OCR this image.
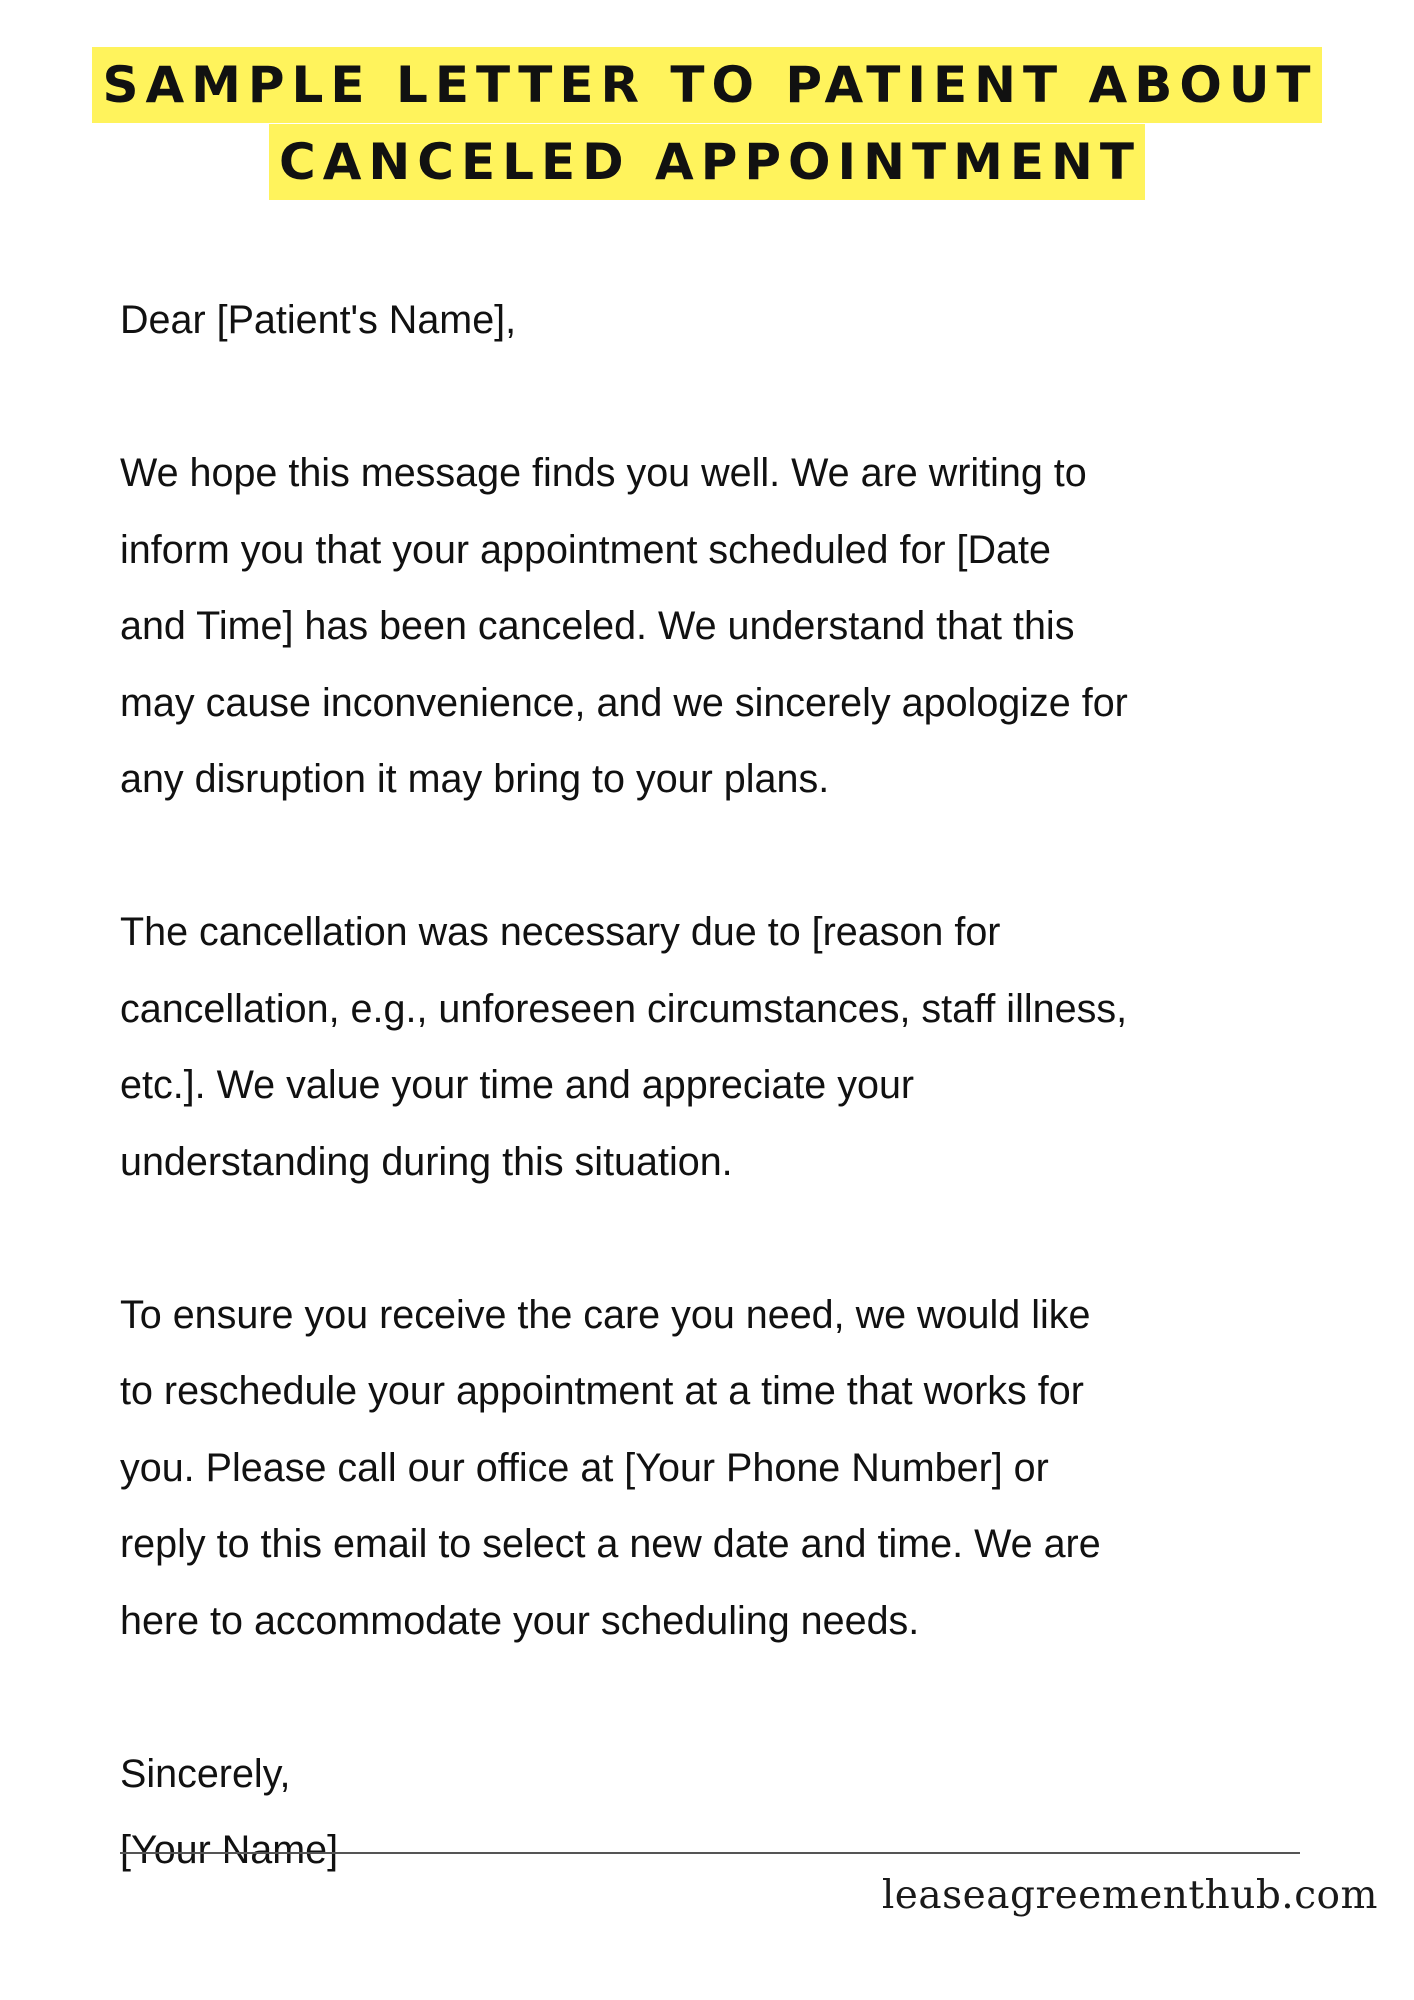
SAMPLE LETTER TO PATIENT ABOUT
CANCELED APPOINTMENT
Dear [Patient's Name],
We hope this message finds you well. We are writing to
inform you that your appointment scheduled for [Date
and Time] has been canceled. We understand that this
may cause inconvenience, and we sincerely apologize for
any disruption it may bring to your plans.
The cancellation was necessary due to [reason for
cancellation, e.g., unforeseen circumstances, staff illness,
etc.]. We value your time and appreciate your
understanding during this situation.
To ensure you receive the care you need, we would like
to reschedule your appointment at a time that works for
you. Please call our office at [Your Phone Number] or
reply to this email to select a new date and time. We are
here to accommodate your scheduling needs.
Sincerely,
[Your Name]
leaseagreementhub.com
